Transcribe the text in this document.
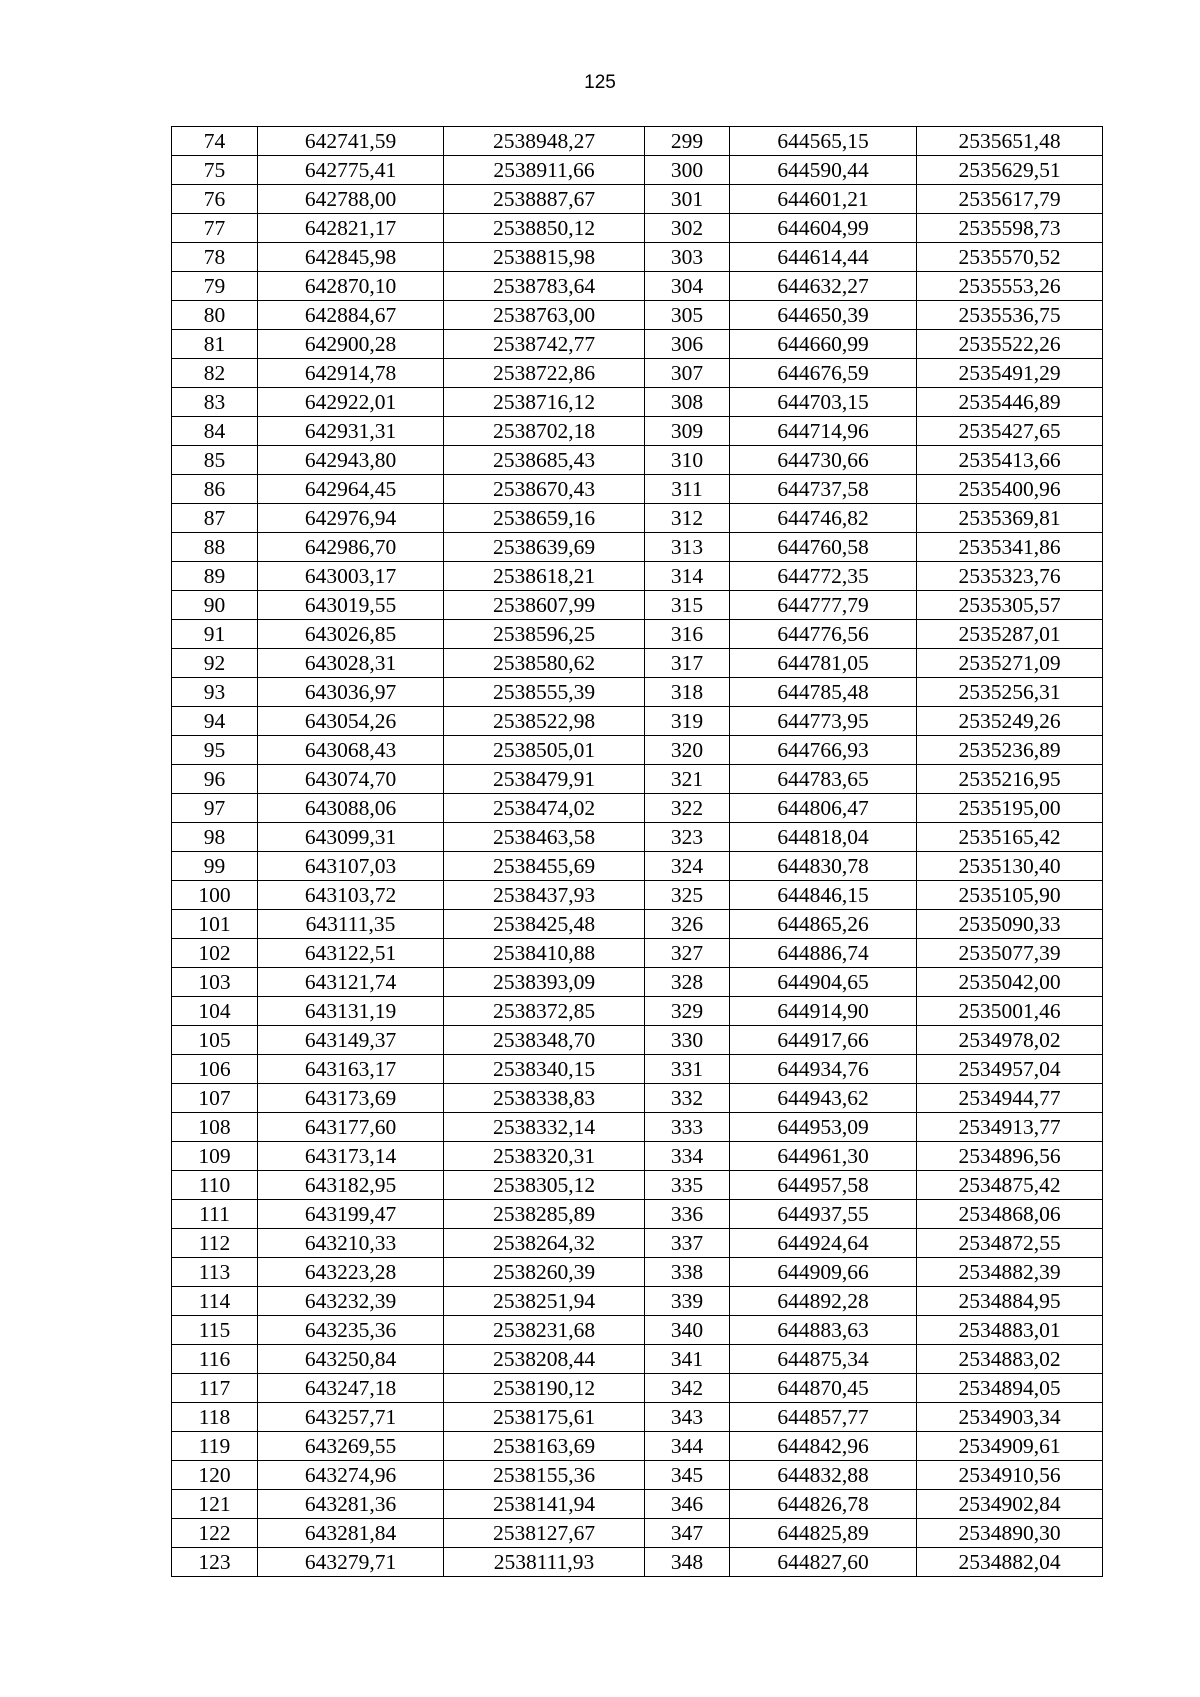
125
74	642741,59	2538948,27	299	644565,15	2535651,48
75	642775,41	2538911,66	300	644590,44	2535629,51
76	642788,00	2538887,67	301	644601,21	2535617,79
77	642821,17	2538850,12	302	644604,99	2535598,73
78	642845,98	2538815,98	303	644614,44	2535570,52
79	642870,10	2538783,64	304	644632,27	2535553,26
80	642884,67	2538763,00	305	644650,39	2535536,75
81	642900,28	2538742,77	306	644660,99	2535522,26
82	642914,78	2538722,86	307	644676,59	2535491,29
83	642922,01	2538716,12	308	644703,15	2535446,89
84	642931,31	2538702,18	309	644714,96	2535427,65
85	642943,80	2538685,43	310	644730,66	2535413,66
86	642964,45	2538670,43	311	644737,58	2535400,96
87	642976,94	2538659,16	312	644746,82	2535369,81
88	642986,70	2538639,69	313	644760,58	2535341,86
89	643003,17	2538618,21	314	644772,35	2535323,76
90	643019,55	2538607,99	315	644777,79	2535305,57
91	643026,85	2538596,25	316	644776,56	2535287,01
92	643028,31	2538580,62	317	644781,05	2535271,09
93	643036,97	2538555,39	318	644785,48	2535256,31
94	643054,26	2538522,98	319	644773,95	2535249,26
95	643068,43	2538505,01	320	644766,93	2535236,89
96	643074,70	2538479,91	321	644783,65	2535216,95
97	643088,06	2538474,02	322	644806,47	2535195,00
98	643099,31	2538463,58	323	644818,04	2535165,42
99	643107,03	2538455,69	324	644830,78	2535130,40
100	643103,72	2538437,93	325	644846,15	2535105,90
101	643111,35	2538425,48	326	644865,26	2535090,33
102	643122,51	2538410,88	327	644886,74	2535077,39
103	643121,74	2538393,09	328	644904,65	2535042,00
104	643131,19	2538372,85	329	644914,90	2535001,46
105	643149,37	2538348,70	330	644917,66	2534978,02
106	643163,17	2538340,15	331	644934,76	2534957,04
107	643173,69	2538338,83	332	644943,62	2534944,77
108	643177,60	2538332,14	333	644953,09	2534913,77
109	643173,14	2538320,31	334	644961,30	2534896,56
110	643182,95	2538305,12	335	644957,58	2534875,42
111	643199,47	2538285,89	336	644937,55	2534868,06
112	643210,33	2538264,32	337	644924,64	2534872,55
113	643223,28	2538260,39	338	644909,66	2534882,39
114	643232,39	2538251,94	339	644892,28	2534884,95
115	643235,36	2538231,68	340	644883,63	2534883,01
116	643250,84	2538208,44	341	644875,34	2534883,02
117	643247,18	2538190,12	342	644870,45	2534894,05
118	643257,71	2538175,61	343	644857,77	2534903,34
119	643269,55	2538163,69	344	644842,96	2534909,61
120	643274,96	2538155,36	345	644832,88	2534910,56
121	643281,36	2538141,94	346	644826,78	2534902,84
122	643281,84	2538127,67	347	644825,89	2534890,30
123	643279,71	2538111,93	348	644827,60	2534882,04
